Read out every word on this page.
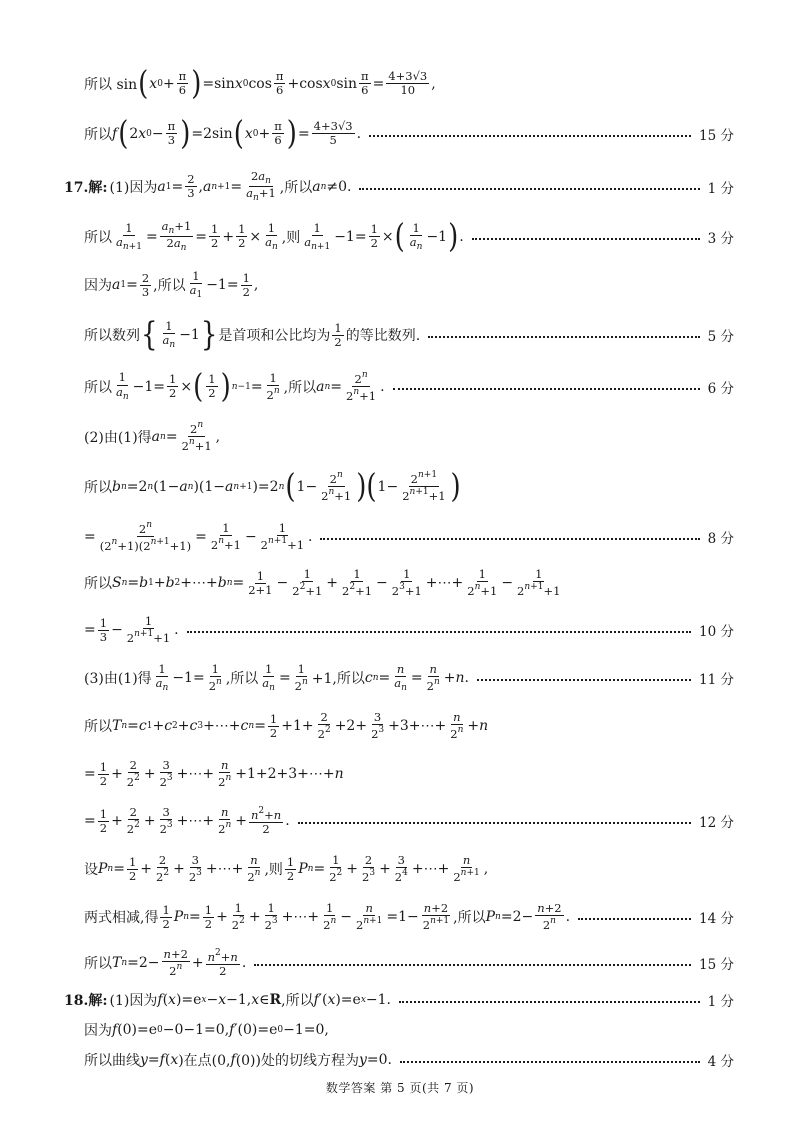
所以 sin ( x $0 + \frac{\pi}{6}$ ) =sin x 0 $\cos \frac{\pi}{6} +\cos$ x 0 $\sin \frac{\pi}{6} = \frac{4+3√3}{10}$ ,
所以 f ( 2 x $0 - \frac{\pi}{3}$ ) =2sin ( x $0 + \frac{\pi}{6}$ ) = $\frac{4+3√3}{5}$ .	15 分
17.解: (1)因为 a $1 = \frac{2}{3}$ , a $n+1 = \frac{2a_n}{a_n+1}$ ,所以 a n ≠0.	1 分
所以 $\frac{1}{a_{n+1}} = \frac{a_n+1}{2a_n} = \frac{1}{2} + \frac{1}{2} \times \frac{1}{a_n}$ ,则 $\frac{1}{a_{n+1}} -1= \frac{1}{2}$ × ( $\frac{1}{a_n} -1$ ) .	3 分
因为 a $1 = \frac{2}{3}$ ,所以 $\frac{1}{a_1} -1= \frac{1}{2}$ ,
所以数列 { $\frac{1}{a_n} -1$ } 是首项和公比均为 $\frac{1}{2}$ 的等比数列.	5 分
所以 $\frac{1}{a_n} -1= \frac{1}{2}$ × ( $\frac{1}{2}$ ) $n-1 = \frac{1}{2^n}$ ,所以 a $n = \frac{2^n}{2^n+1}$ .	6 分
(2)由(1)得 a $n = \frac{2^n}{2^n+1}$ ,
所以 b n =2 n (1− a n )(1− a n+1 )=2 n ( $1- \frac{2^n}{2^n+1}$ )( $1- \frac{2^{n+1}}{2^{n+1}+1}$ )
= $\frac{2^n}{(2^n+1)(2^{n+1}+1)} = \frac{1}{2^n+1} - \frac{1}{2^{n+1}+1}$ .	8 分
所以 S n = b 1 + b 2 +⋯+ b $n = \frac{1}{2+1} - \frac{1}{2^2+1} + \frac{1}{2^2+1} - \frac{1}{2^3+1}$ +⋯+ $\frac{1}{2^n+1} - \frac{1}{2^{n+1}+1}$
= $\frac{1}{3} - \frac{1}{2^{n+1}+1}$ .	10 分
(3)由(1)得 $\frac{1}{a_n} -1= \frac{1}{2^n}$ ,所以 $\frac{1}{a_n} = \frac{1}{2^n} +1$,所以 c $n = \frac{n}{a_n} = \frac{n}{2^n} + n$ .	11 分
所以 T n = c 1 + c 2 + c 3 +⋯+ c $n = \frac{1}{2} +1+ \frac{2}{2^2} +2+ \frac{3}{2^3}$ +3+⋯+ $\frac{n}{2^n} + n$
= $\frac{1}{2} + \frac{2}{2^2} + \frac{3}{2^3}$ +⋯+ $\frac{n}{2^n}$ +1+2+3+⋯+ n
= $\frac{1}{2} + \frac{2}{2^2} + \frac{3}{2^3}$ +⋯+ $\frac{n}{2^n} + \frac{n^2+n}{2}$ .	12 分
设 P $n = \frac{1}{2} + \frac{2}{2^2} + \frac{3}{2^3}$ +⋯+ $\frac{n}{2^n}$ ,则 $\frac{1}{2}$ P $n = \frac{1}{2^2} + \frac{2}{2^3} + \frac{3}{2^4}$ +⋯+ $\frac{n}{2^{n+1}}$ ,
两式相减,得 $\frac{1}{2}$ P $n = \frac{1}{2} + \frac{1}{2^2} + \frac{1}{2^3}$ +⋯+ $\frac{1}{2^n} - \frac{n}{2^{n+1}} =1- \frac{n+2}{2^{n+1}}$ ,所以 P $n =2- \frac{n+2}{2^n}$ .	14 分
所以 T $n =2- \frac{n+2}{2^n} + \frac{n^2+n}{2}$ .	15 分
18.解: (1)因为 f ( x )=e x − x −1, x ∈ R ,所以 f ′( x )=e x −1.	1 分
因为 f (0)=e 0 −0−1=0, f ′(0)=e 0 −1=0,
所以曲线 y = f ( x )在点(0, f (0))处的切线方程为 y =0.	4 分
数学答案 第 5 页(共 7 页)
